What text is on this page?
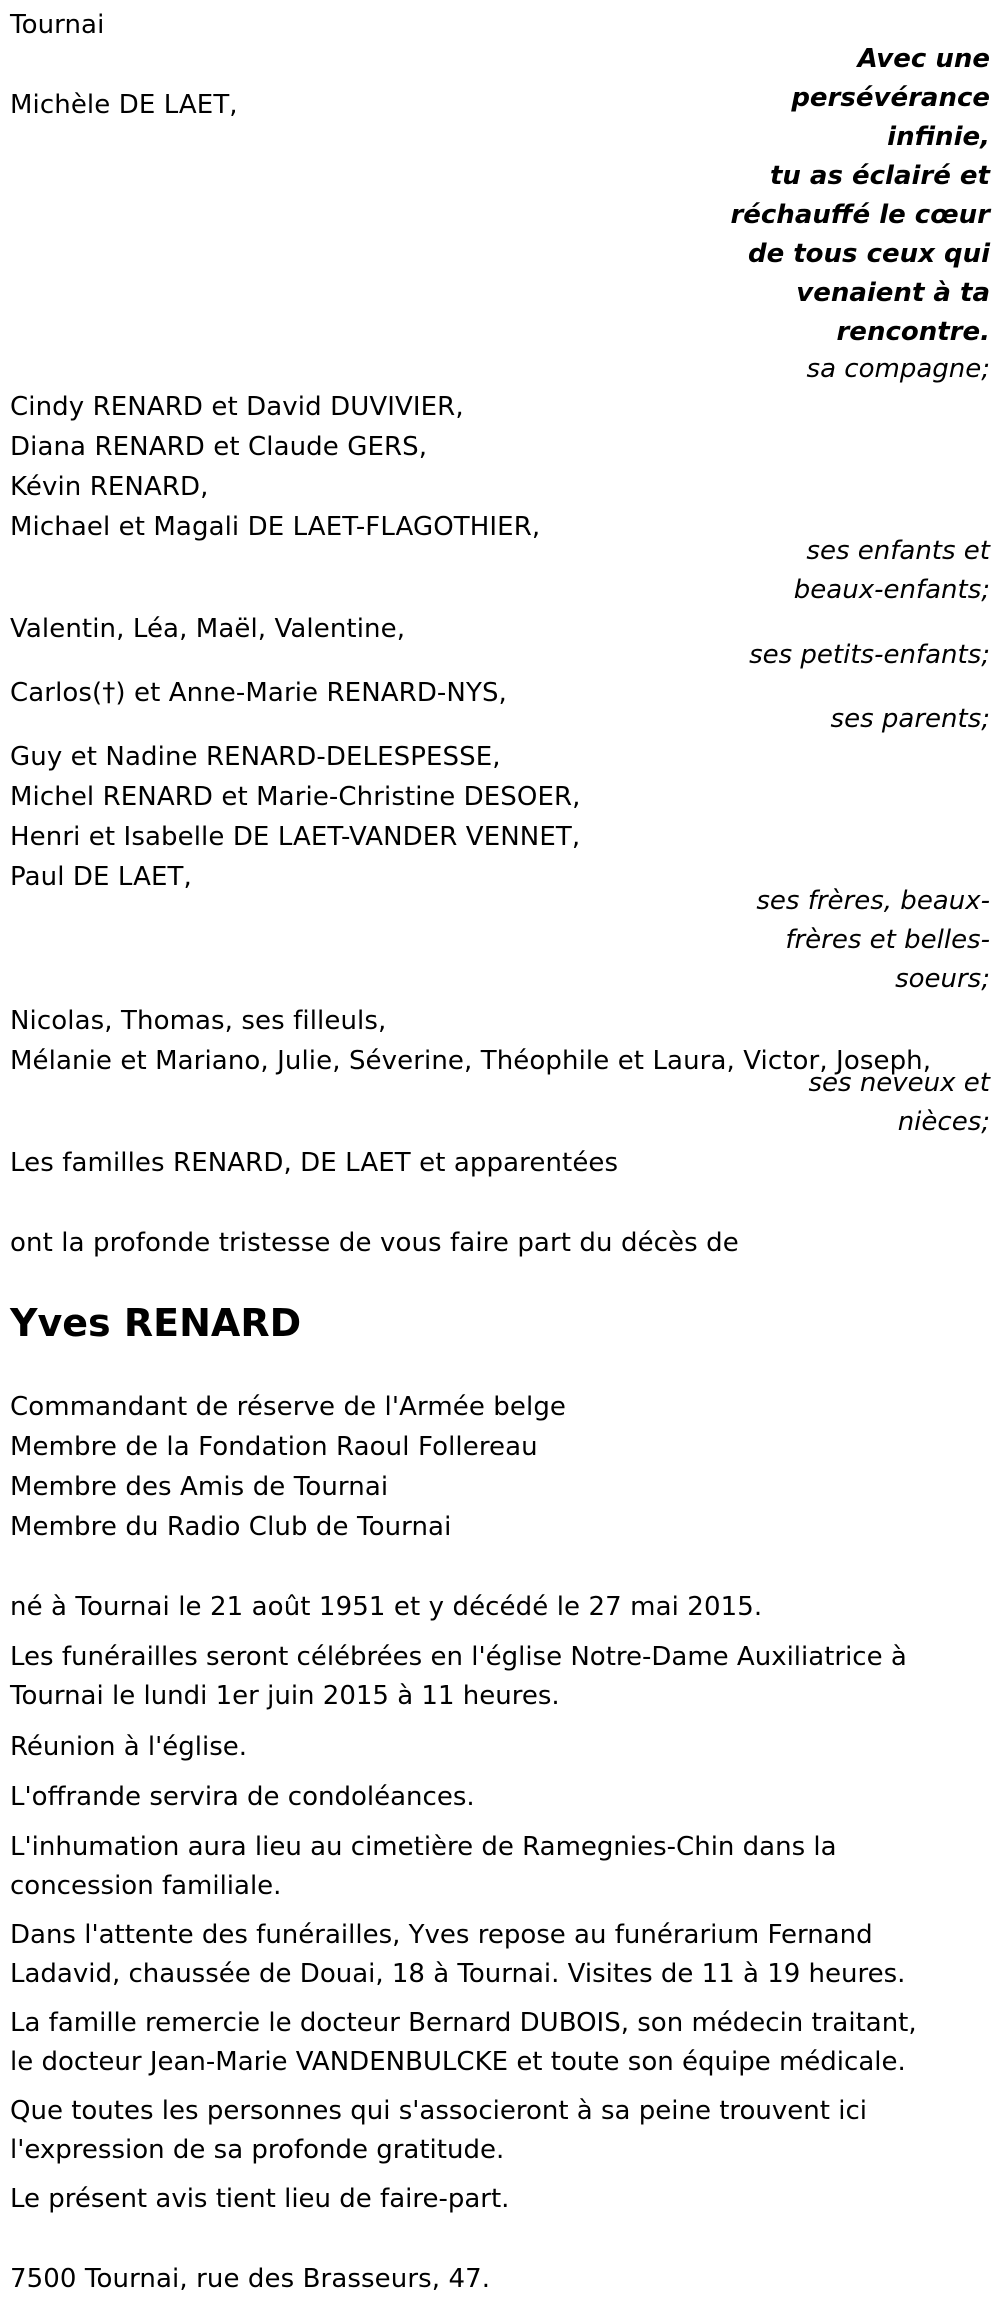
Tournai
Avec une
persévérance
infinie,
tu as éclairé et
réchauffé le cœur
de tous ceux qui
venaient à ta
rencontre.
Michèle DE LAET,
sa compagne;
Cindy RENARD et David DUVIVIER,
Diana RENARD et Claude GERS,
Kévin RENARD,
Michael et Magali DE LAET-FLAGOTHIER,
ses enfants et
beaux-enfants;
Valentin, Léa, Maël, Valentine,
ses petits-enfants;
Carlos(†) et Anne-Marie RENARD-NYS,
ses parents;
Guy et Nadine RENARD-DELESPESSE,
Michel RENARD et Marie-Christine DESOER,
Henri et Isabelle DE LAET-VANDER VENNET,
Paul DE LAET,
ses frères, beaux-
frères et belles-
soeurs;
Nicolas, Thomas, ses filleuls,
Mélanie et Mariano, Julie, Séverine, Théophile et Laura, Victor, Joseph,
ses neveux et
nièces;
Les familles RENARD, DE LAET et apparentées
ont la profonde tristesse de vous faire part du décès de
Yves RENARD
Commandant de réserve de l'Armée belge
Membre de la Fondation Raoul Follereau
Membre des Amis de Tournai
Membre du Radio Club de Tournai
né à Tournai le 21 août 1951 et y décédé le 27 mai 2015.
Les funérailles seront célébrées en l'église Notre-Dame Auxiliatrice à Tournai le lundi 1er juin 2015 à 11 heures.
Réunion à l'église.
L'offrande servira de condoléances.
L'inhumation aura lieu au cimetière de Ramegnies-Chin dans la concession familiale.
Dans l'attente des funérailles, Yves repose au funérarium Fernand Ladavid, chaussée de Douai, 18 à Tournai. Visites de 11 à 19 heures.
La famille remercie le docteur Bernard DUBOIS, son médecin traitant, le docteur Jean-Marie VANDENBULCKE et toute son équipe médicale.
Que toutes les personnes qui s'associeront à sa peine trouvent ici l'expression de sa profonde gratitude.
Le présent avis tient lieu de faire-part.
7500 Tournai, rue des Brasseurs, 47.
